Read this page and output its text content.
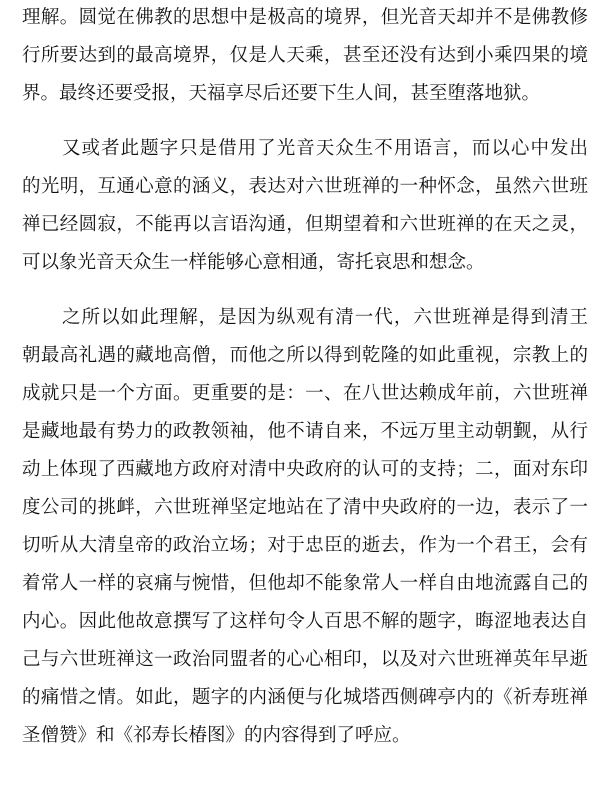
理解。圆觉在佛教的思想中是极高的境界，但光音天却并不是佛教修
行所要达到的最高境界，仅是人天乘，甚至还没有达到小乘四果的境
界。最终还要受报，天福享尽后还要下生人间，甚至堕落地狱。
又或者此题字只是借用了光音天众生不用语言，而以心中发出
的光明，互通心意的涵义，表达对六世班禅的一种怀念，虽然六世班
禅已经圆寂，不能再以言语沟通，但期望着和六世班禅的在天之灵，
可以象光音天众生一样能够心意相通，寄托哀思和想念。
之所以如此理解，是因为纵观有清一代，六世班禅是得到清王
朝最高礼遇的藏地高僧，而他之所以得到乾隆的如此重视，宗教上的
成就只是一个方面。更重要的是：一、在八世达赖成年前，六世班禅
是藏地最有势力的政教领袖，他不请自来，不远万里主动朝觐，从行
动上体现了西藏地方政府对清中央政府的认可的支持；二，面对东印
度公司的挑衅，六世班禅坚定地站在了清中央政府的一边，表示了一
切听从大清皇帝的政治立场；对于忠臣的逝去，作为一个君王，会有
着常人一样的哀痛与惋惜，但他却不能象常人一样自由地流露自己的
内心。因此他故意撰写了这样句令人百思不解的题字，晦涩地表达自
己与六世班禅这一政治同盟者的心心相印，以及对六世班禅英年早逝
的痛惜之情。如此，题字的内涵便与化城塔西侧碑亭内的《祈寿班禅
圣僧赞》和《祁寿长椿图》的内容得到了呼应。
